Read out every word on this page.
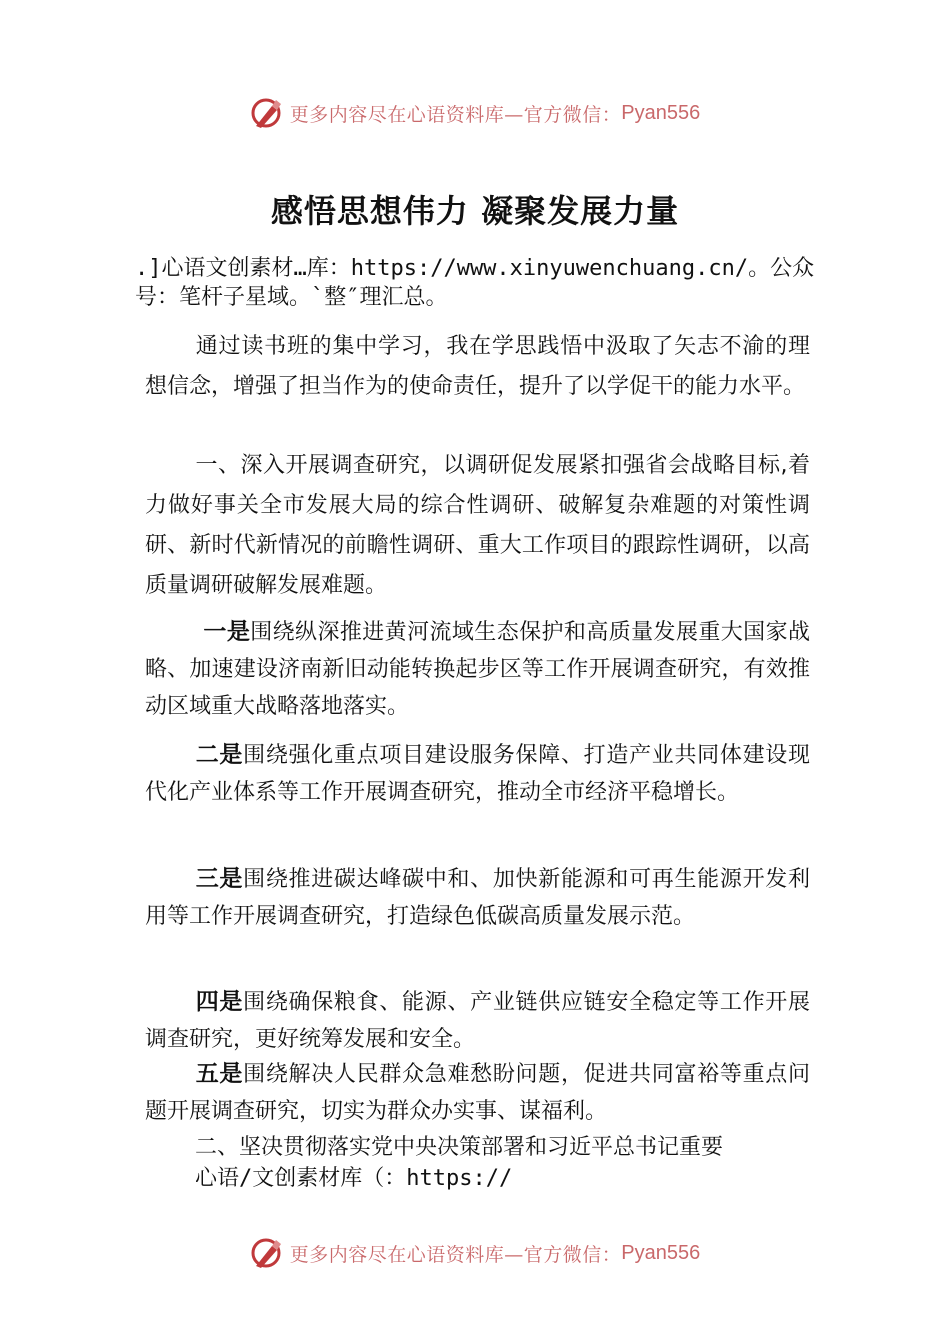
更多内容尽在心语资料库—官方微信： Pyan556
感悟思想伟力 凝聚发展力量
.]心语文创素材…库：https://www.xinyuwenchuang.cn/。公众号：笔杆子星域。`整″理汇总。
通过读书班的集中学习，我在学思践悟中汲取了矢志不渝的理想信念，增强了担当作为的使命责任，提升了以学促干的能力水平。
一、深入开展调查研究，以调研促发展紧扣强省会战略目标,着力做好事关全市发展大局的综合性调研、破解复杂难题的对策性调研、新时代新情况的前瞻性调研、重大工作项目的跟踪性调研，以高质量调研破解发展难题。
一是围绕纵深推进黄河流域生态保护和高质量发展重大国家战略、加速建设济南新旧动能转换起步区等工作开展调查研究，有效推动区域重大战略落地落实。
二是围绕强化重点项目建设服务保障、打造产业共同体建设现代化产业体系等工作开展调查研究，推动全市经济平稳增长。
三是围绕推进碳达峰碳中和、加快新能源和可再生能源开发利用等工作开展调查研究，打造绿色低碳高质量发展示范。
四是围绕确保粮食、能源、产业链供应链安全稳定等工作开展调查研究，更好统筹发展和安全。
五是围绕解决人民群众急难愁盼问题，促进共同富裕等重点问题开展调查研究，切实为群众办实事、谋福利。
二、坚决贯彻落实党中央决策部署和习近平总书记重要
心语/文创素材库（：https://
更多内容尽在心语资料库—官方微信： Pyan556
